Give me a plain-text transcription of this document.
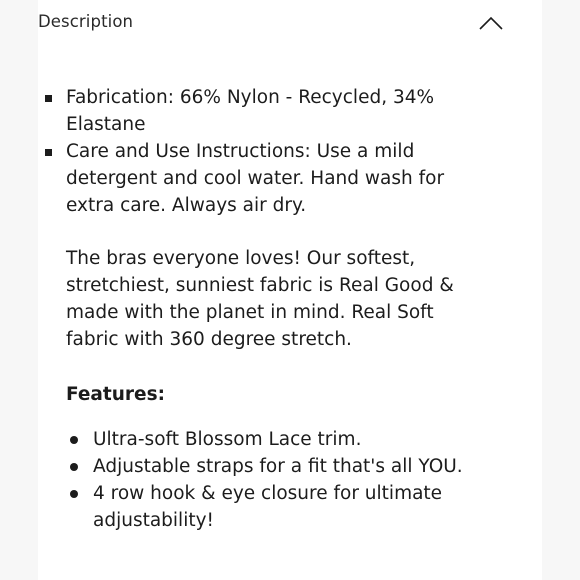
Description
Fabrication: 66% Nylon - Recycled, 34% Elastane
Care and Use Instructions: Use a mild detergent and cool water. Hand wash for extra care. Always air dry.

The bras everyone loves! Our softest, stretchiest, sunniest fabric is Real Good & made with the planet in mind. Real Soft fabric with 360 degree stretch.

Features:
Ultra-soft Blossom Lace trim.
Adjustable straps for a fit that's all YOU.
4 row hook & eye closure for ultimate adjustability!
